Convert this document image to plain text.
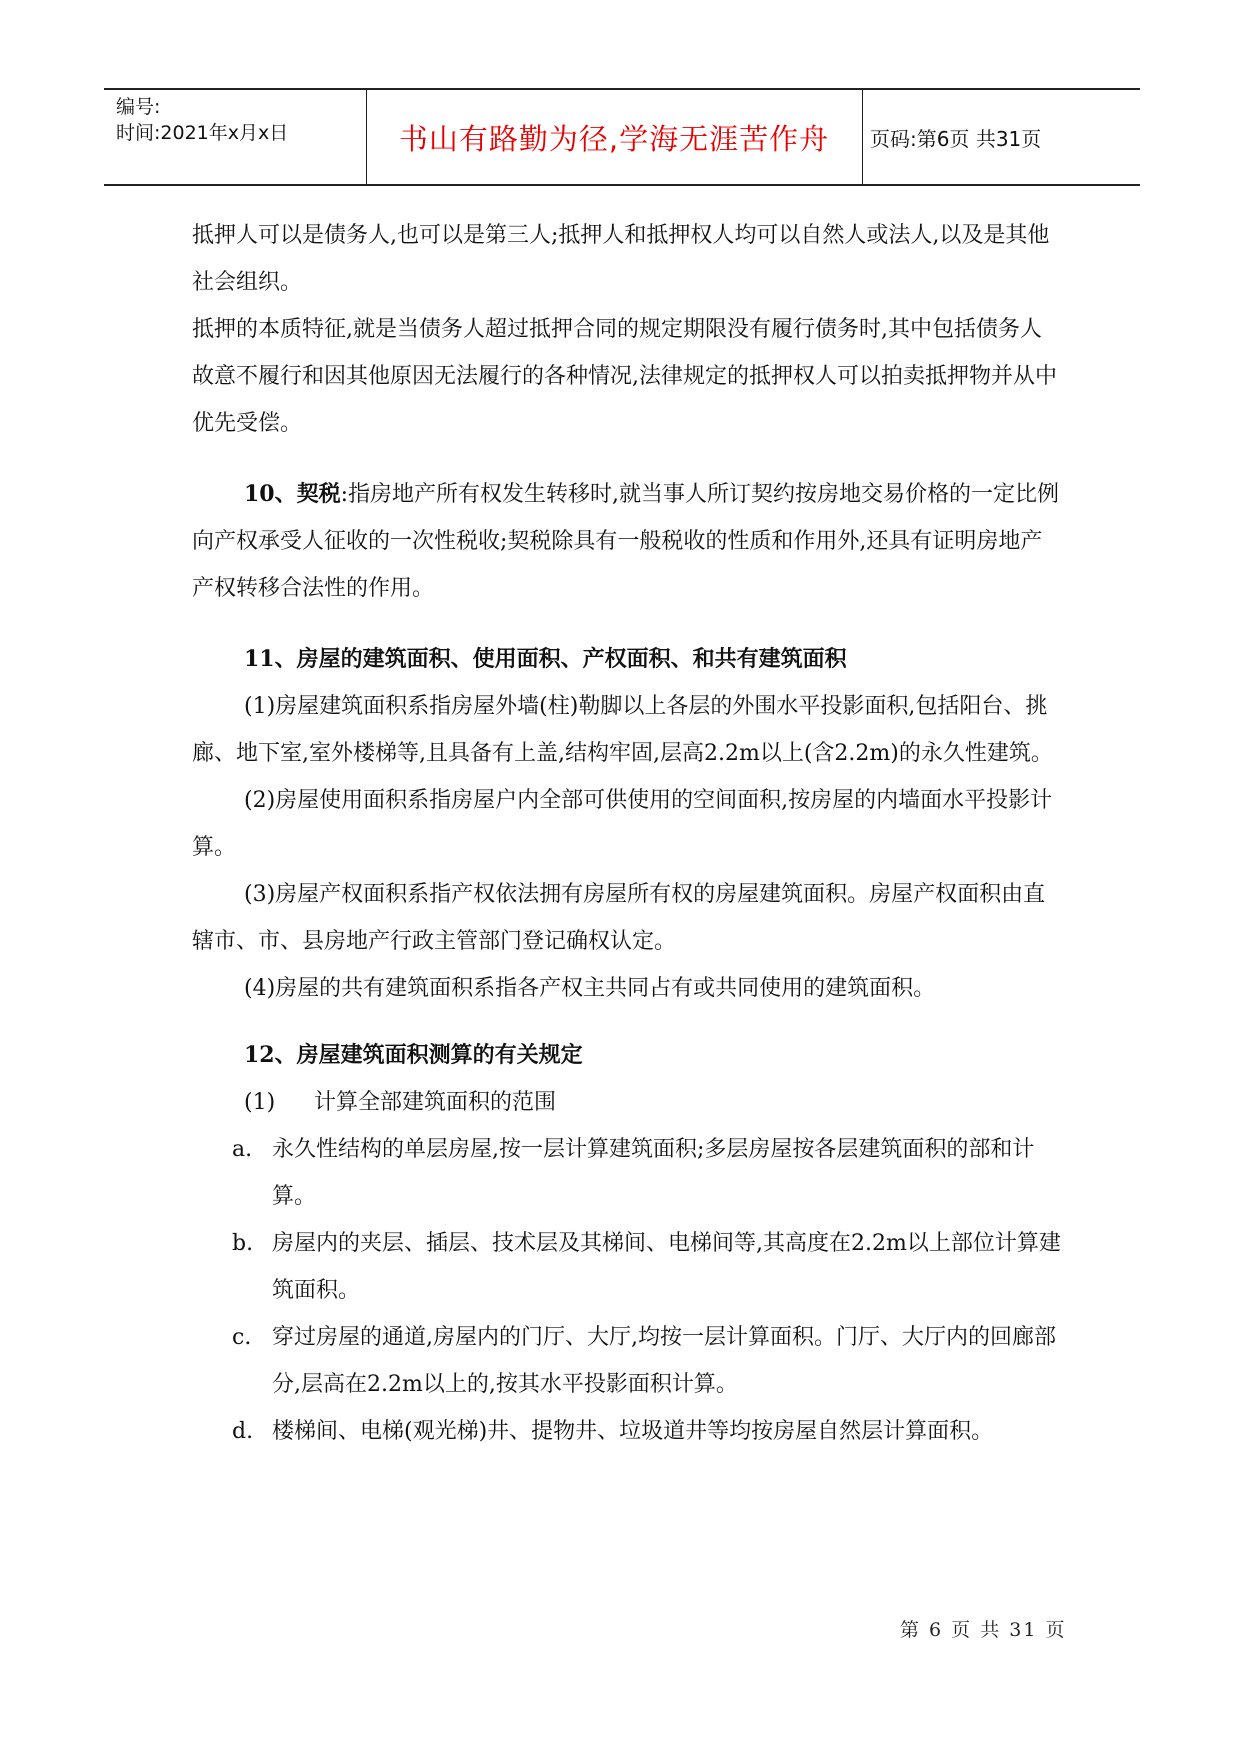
编号:
时间:2021年x月x日	书山有路勤为径,学海无涯苦作舟	页码:第6页 共31页

抵押人可以是债务人,也可以是第三人;抵押人和抵押权人均可以自然人或法人,以及是其他社会组织。

抵押的本质特征,就是当债务人超过抵押合同的规定期限没有履行债务时,其中包括债务人故意不履行和因其他原因无法履行的各种情况,法律规定的抵押权人可以拍卖抵押物并从中优先受偿。

10、契税:指房地产所有权发生转移时,就当事人所订契约按房地交易价格的一定比例向产权承受人征收的一次性税收;契税除具有一般税收的性质和作用外,还具有证明房地产产权转移合法性的作用。

11、房屋的建筑面积、使用面积、产权面积、和共有建筑面积

(1)房屋建筑面积系指房屋外墙(柱)勒脚以上各层的外围水平投影面积,包括阳台、挑廊、地下室,室外楼梯等,且具备有上盖,结构牢固,层高2.2m以上(含2.2m)的永久性建筑。

(2)房屋使用面积系指房屋户内全部可供使用的空间面积,按房屋的内墙面水平投影计算。

(3)房屋产权面积系指产权依法拥有房屋所有权的房屋建筑面积。房屋产权面积由直辖市、市、县房地产行政主管部门登记确权认定。

(4)房屋的共有建筑面积系指各产权主共同占有或共同使用的建筑面积。

12、房屋建筑面积测算的有关规定

(1) 计算全部建筑面积的范围

a. 永久性结构的单层房屋,按一层计算建筑面积;多层房屋按各层建筑面积的部和计算。

b. 房屋内的夹层、插层、技术层及其梯间、电梯间等,其高度在2.2m以上部位计算建筑面积。

c. 穿过房屋的通道,房屋内的门厅、大厅,均按一层计算面积。门厅、大厅内的回廊部分,层高在2.2m以上的,按其水平投影面积计算。

d. 楼梯间、电梯(观光梯)井、提物井、垃圾道井等均按房屋自然层计算面积。

第 6 页 共 31 页
